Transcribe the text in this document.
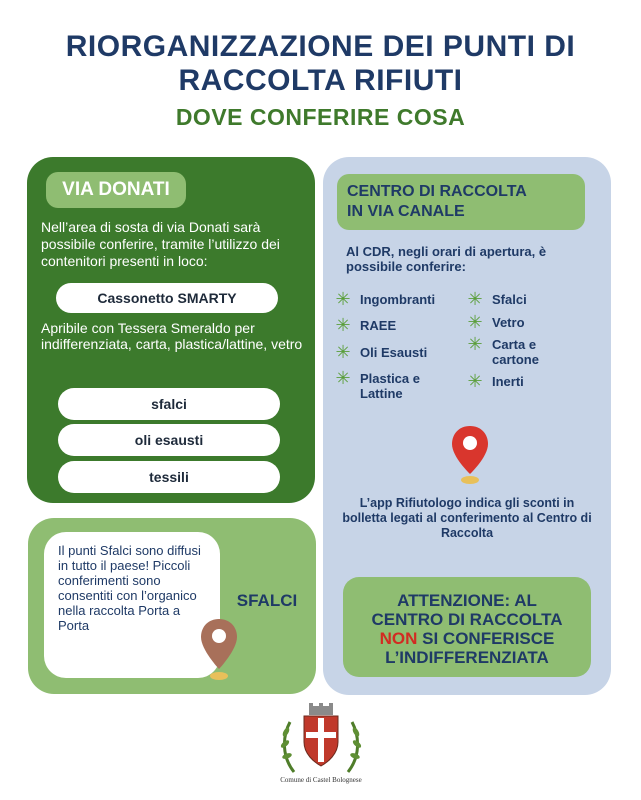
RIORGANIZZAZIONE DEI PUNTI DI
RACCOLTA RIFIUTI
DOVE CONFERIRE COSA
VIA DONATI
Nell’area di sosta di via Donati sarà possibile conferire, tramite l’utilizzo dei contenitori presenti in loco:
Cassonetto SMARTY
Apribile con Tessera Smeraldo per indifferenziata, carta, plastica/lattine, vetro
sfalci
oli esausti
tessili
Il punti Sfalci sono diffusi in tutto il paese! Piccoli conferimenti sono consentiti con l’organico nella raccolta Porta a Porta
SFALCI
CENTRO DI RACCOLTA
IN VIA CANALE
Al CDR, negli orari di apertura, è possibile conferire:
✳ Ingombranti
✳ RAEE
✳ Oli Esausti
✳ Plastica e Lattine
✳ Sfalci
✳ Vetro
✳ Carta e cartone
✳ Inerti
L’app Rifiutologo indica gli sconti in bolletta legati al conferimento al Centro di Raccolta
ATTENZIONE: AL
CENTRO DI RACCOLTA
NON SI CONFERISCE
L’INDIFFERENZIATA
Comune di Castel Bolognese
